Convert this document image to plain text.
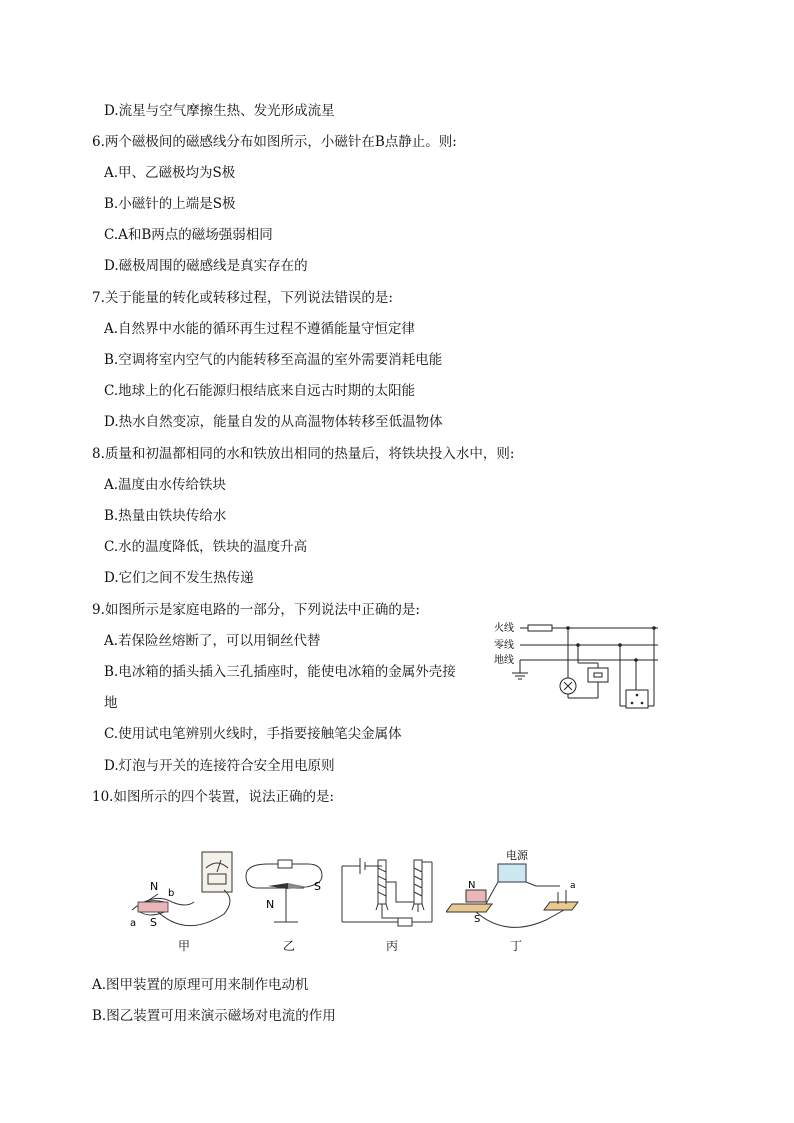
D.流星与空气摩擦生热、发光形成流星
6.两个磁极间的磁感线分布如图所示，小磁针在B点静止。则:
A.甲、乙磁极均为S极
B.小磁针的上端是S极
C.A和B两点的磁场强弱相同
D.磁极周围的磁感线是真实存在的
7.关于能量的转化或转移过程，下列说法错误的是:
A.自然界中水能的循环再生过程不遵循能量守恒定律
B.空调将室内空气的内能转移至高温的室外需要消耗电能
C.地球上的化石能源归根结底来自远古时期的太阳能
D.热水自然变凉，能量自发的从高温物体转移至低温物体
8.质量和初温都相同的水和铁放出相同的热量后，将铁块投入水中，则:
A.温度由水传给铁块
B.热量由铁块传给水
C.水的温度降低，铁块的温度升高
D.它们之间不发生热传递
9.如图所示是家庭电路的一部分，下列说法中正确的是:
A.若保险丝熔断了，可以用铜丝代替
B.电冰箱的插头插入三孔插座时，能使电冰箱的金属外壳接
地
C.使用试电笔辨别火线时，手指要接触笔尖金属体
D.灯泡与开关的连接符合安全用电原则
10.如图所示的四个装置，说法正确的是:
A.图甲装置的原理可用来制作电动机
B.图乙装置可用来演示磁场对电流的作用
火线
零线
地线
N
b
a S
S
N
电源
a
N
S
甲	乙	丙	丁
